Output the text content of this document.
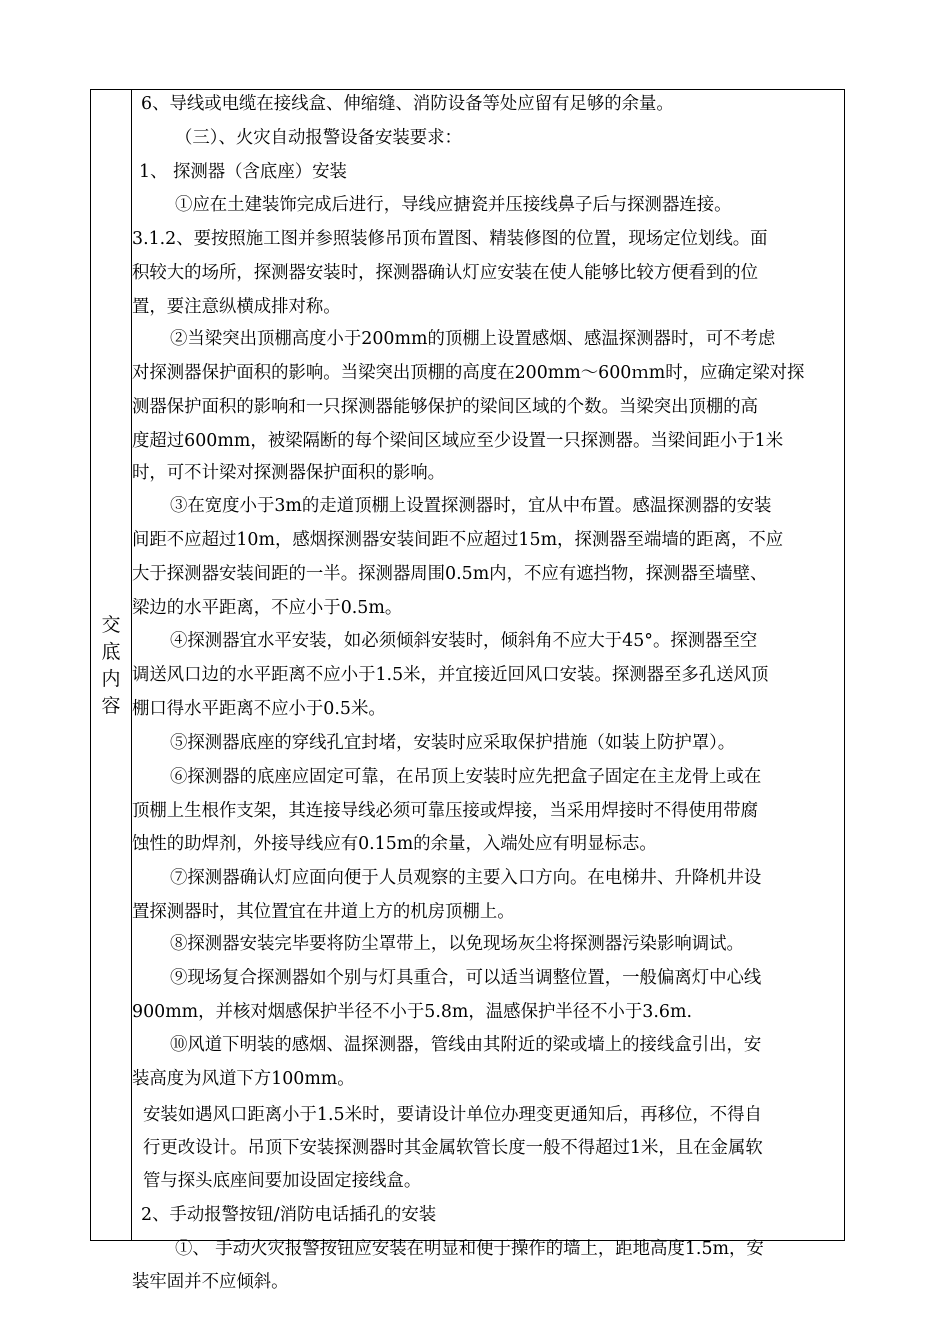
交
底
内
容
6、导线或电缆在接线盒、伸缩缝、消防设备等处应留有足够的余量。
（三）、火灾自动报警设备安装要求：
1、 探测器（含底座）安装
①应在土建装饰完成后进行，导线应搪瓷并压接线鼻子后与探测器连接。
3.1.2、要按照施工图并参照装修吊顶布置图、精装修图的位置，现场定位划线。面
积较大的场所，探测器安装时，探测器确认灯应安装在使人能够比较方便看到的位
置，要注意纵横成排对称。
②当梁突出顶棚高度小于200mm的顶棚上设置感烟、感温探测器时，可不考虑
对探测器保护面积的影响。当梁突出顶棚的高度在200mm～600ｍm时，应确定梁对探
测器保护面积的影响和一只探测器能够保护的梁间区域的个数。当梁突出顶棚的高
度超过600mm，被梁隔断的每个梁间区域应至少设置一只探测器。当梁间距小于1米
时，可不计梁对探测器保护面积的影响。
③在宽度小于3m的走道顶棚上设置探测器时，宜从中布置。感温探测器的安装
间距不应超过10m，感烟探测器安装间距不应超过15m，探测器至端墙的距离，不应
大于探测器安装间距的一半。探测器周围0.5m内，不应有遮挡物，探测器至墙壁、
梁边的水平距离，不应小于0.5m。
④探测器宜水平安装，如必须倾斜安装时，倾斜角不应大于45°。探测器至空
调送风口边的水平距离不应小于1.5米，并宜接近回风口安装。探测器至多孔送风顶
棚口得水平距离不应小于0.5米。
⑤探测器底座的穿线孔宜封堵，安装时应采取保护措施（如装上防护罩）。
⑥探测器的底座应固定可靠，在吊顶上安装时应先把盒子固定在主龙骨上或在
顶棚上生根作支架，其连接导线必须可靠压接或焊接，当采用焊接时不得使用带腐
蚀性的助焊剂，外接导线应有0.15m的余量，入端处应有明显标志。
⑦探测器确认灯应面向便于人员观察的主要入口方向。在电梯井、升降机井设
置探测器时，其位置宜在井道上方的机房顶棚上。
⑧探测器安装完毕要将防尘罩带上，以免现场灰尘将探测器污染影响调试。
⑨现场复合探测器如个别与灯具重合，可以适当调整位置，一般偏离灯中心线
900mm，并核对烟感保护半径不小于5.8m，温感保护半径不小于3.6m.
⑩风道下明装的感烟、温探测器，管线由其附近的梁或墙上的接线盒引出，安
装高度为风道下方100mm。
安装如遇风口距离小于1.5米时，要请设计单位办理变更通知后，再移位，不得自
行更改设计。吊顶下安装探测器时其金属软管长度一般不得超过1米，且在金属软
管与探头底座间要加设固定接线盒。
2、手动报警按钮/消防电话插孔的安装
①、 手动火灾报警按钮应安装在明显和便于操作的墙上，距地高度1.5m，安
装牢固并不应倾斜。
